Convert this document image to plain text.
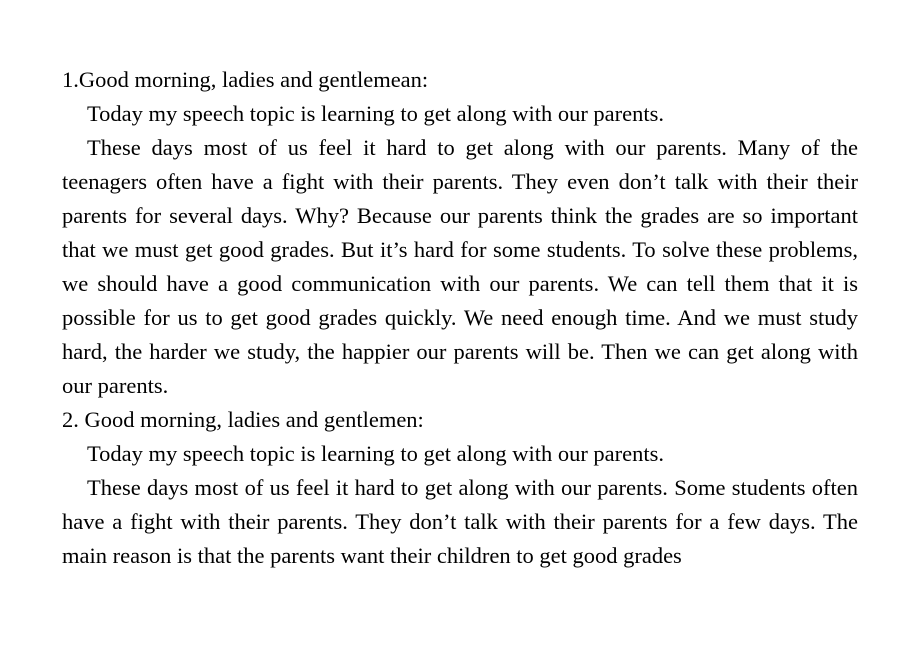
1.Good morning, ladies and gentlemean:

Today my speech topic is learning to get along with our parents.

These days most of us feel it hard to get along with our parents. Many of the teenagers often have a fight with their parents. They even don’t talk with their their parents for several days. Why? Because our parents think the grades are so important that we must get good grades. But it’s hard for some students. To solve these problems, we should have a good communication with our parents. We can tell them that it is possible for us to get good grades quickly. We need enough time. And we must study hard, the harder we study, the happier our parents will be. Then we can get along with our parents.

2. Good morning, ladies and gentlemen:

Today my speech topic is learning to get along with our parents.

These days most of us feel it hard to get along with our parents. Some students often have a fight with their parents. They don’t talk with their parents for a few days. The main reason is that the parents want their children to get good grades
